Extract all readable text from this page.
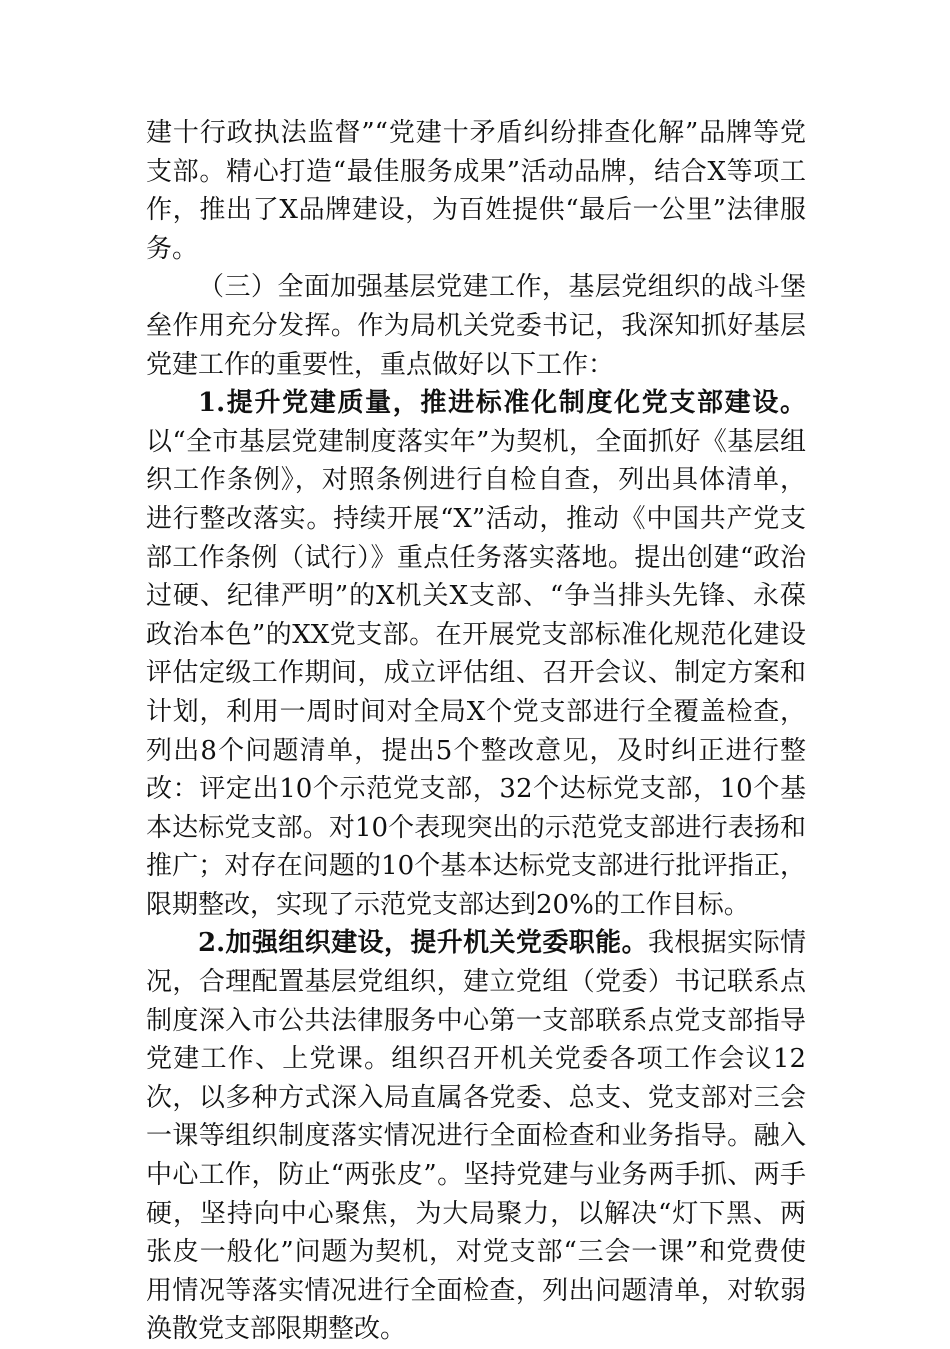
建十行政执法监督”“党建十矛盾纠纷排查化解”品牌等党支部。精心打造“最佳服务成果”活动品牌，结合X等项工作，推出了X品牌建设，为百姓提供“最后一公里”法律服务。

（三）全面加强基层党建工作，基层党组织的战斗堡垒作用充分发挥。作为局机关党委书记，我深知抓好基层党建工作的重要性，重点做好以下工作：

1.提升党建质量，推进标准化制度化党支部建设。以“全市基层党建制度落实年”为契机，全面抓好《基层组织工作条例》，对照条例进行自检自查，列出具体清单，进行整改落实。持续开展“X”活动，推动《中国共产党支部工作条例（试行）》重点任务落实落地。提出创建“政治过硬、纪律严明”的X机关X支部、“争当排头先锋、永葆政治本色”的XX党支部。在开展党支部标准化规范化建设评估定级工作期间，成立评估组、召开会议、制定方案和计划，利用一周时间对全局X个党支部进行全覆盖检查，列出8个问题清单，提出5个整改意见，及时纠正进行整改：评定出10个示范党支部，32个达标党支部，10个基本达标党支部。对10个表现突出的示范党支部进行表扬和推广；对存在问题的10个基本达标党支部进行批评指正，限期整改，实现了示范党支部达到20%的工作目标。

2.加强组织建设，提升机关党委职能。我根据实际情况，合理配置基层党组织，建立党组（党委）书记联系点制度深入市公共法律服务中心第一支部联系点党支部指导党建工作、上党课。组织召开机关党委各项工作会议12次，以多种方式深入局直属各党委、总支、党支部对三会一课等组织制度落实情况进行全面检查和业务指导。融入中心工作，防止“两张皮”。坚持党建与业务两手抓、两手硬，坚持向中心聚焦，为大局聚力，以解决“灯下黑、两张皮一般化”问题为契机，对党支部“三会一课”和党费使用情况等落实情况进行全面检查，列出问题清单，对软弱涣散党支部限期整改。
